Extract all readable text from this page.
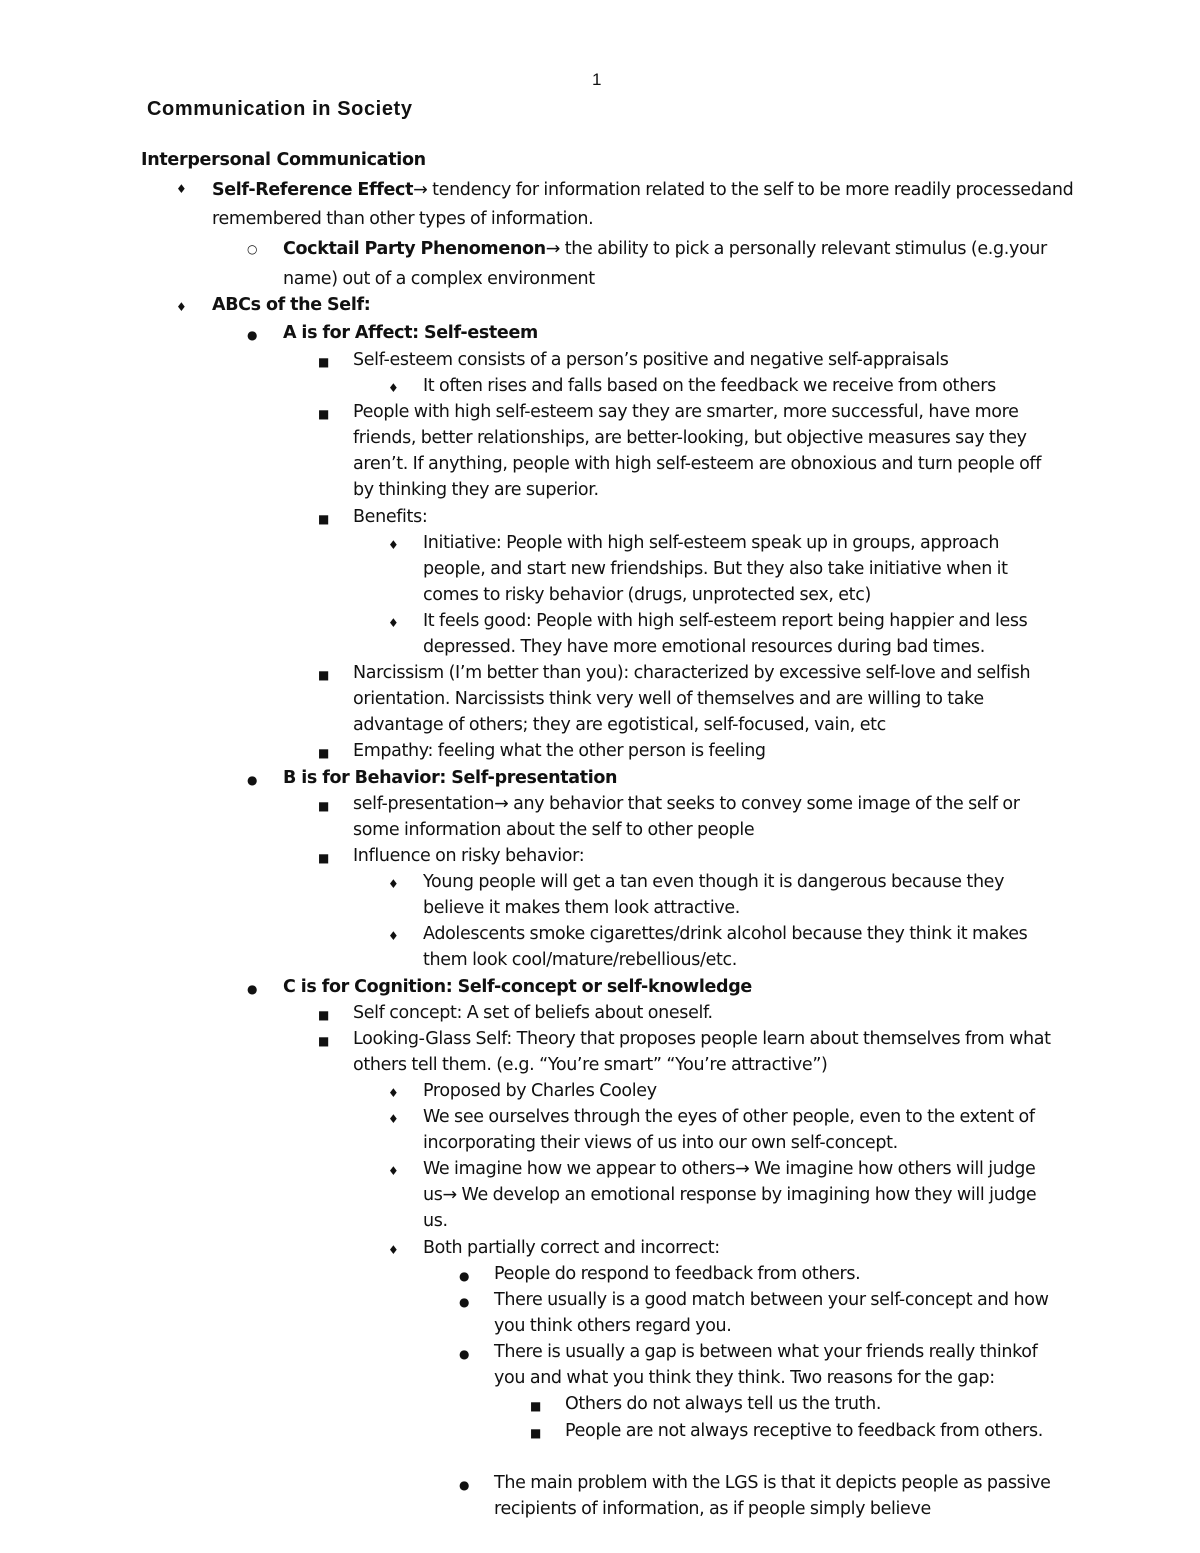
1
Communication in Society
Interpersonal Communication
♦ Self-Reference Effect→ tendency for information related to the self to be more readily processedand remembered than other types of information.
○ Cocktail Party Phenomenon→ the ability to pick a personally relevant stimulus (e.g.your name) out of a complex environment
♦ ABCs of the Self:
● A is for Affect: Self-esteem
■ Self-esteem consists of a person’s positive and negative self-appraisals
♦ It often rises and falls based on the feedback we receive from others
■ People with high self-esteem say they are smarter, more successful, have more friends, better relationships, are better-looking, but objective measures say they aren’t. If anything, people with high self-esteem are obnoxious and turn people off by thinking they are superior.
■ Benefits:
♦ Initiative: People with high self-esteem speak up in groups, approach people, and start new friendships. But they also take initiative when it comes to risky behavior (drugs, unprotected sex, etc)
♦ It feels good: People with high self-esteem report being happier and less depressed. They have more emotional resources during bad times.
■ Narcissism (I’m better than you): characterized by excessive self-love and selfish orientation. Narcissists think very well of themselves and are willing to take advantage of others; they are egotistical, self-focused, vain, etc
■ Empathy: feeling what the other person is feeling
● B is for Behavior: Self-presentation
■ self-presentation→ any behavior that seeks to convey some image of the self or some information about the self to other people
■ Influence on risky behavior:
♦ Young people will get a tan even though it is dangerous because they believe it makes them look attractive.
♦ Adolescents smoke cigarettes/drink alcohol because they think it makes them look cool/mature/rebellious/etc.
● C is for Cognition: Self-concept or self-knowledge
■ Self concept: A set of beliefs about oneself.
■ Looking-Glass Self: Theory that proposes people learn about themselves from what others tell them. (e.g. “You’re smart” “You’re attractive”)
♦ Proposed by Charles Cooley
♦ We see ourselves through the eyes of other people, even to the extent of incorporating their views of us into our own self-concept.
♦ We imagine how we appear to others→ We imagine how others will judge us→ We develop an emotional response by imagining how they will judge us.
♦ Both partially correct and incorrect:
● People do respond to feedback from others.
● There usually is a good match between your self-concept and how you think others regard you.
● There is usually a gap is between what your friends really thinkof you and what you think they think. Two reasons for the gap:
■ Others do not always tell us the truth.
■ People are not always receptive to feedback from others.
● The main problem with the LGS is that it depicts people as passive recipients of information, as if people simply believe
